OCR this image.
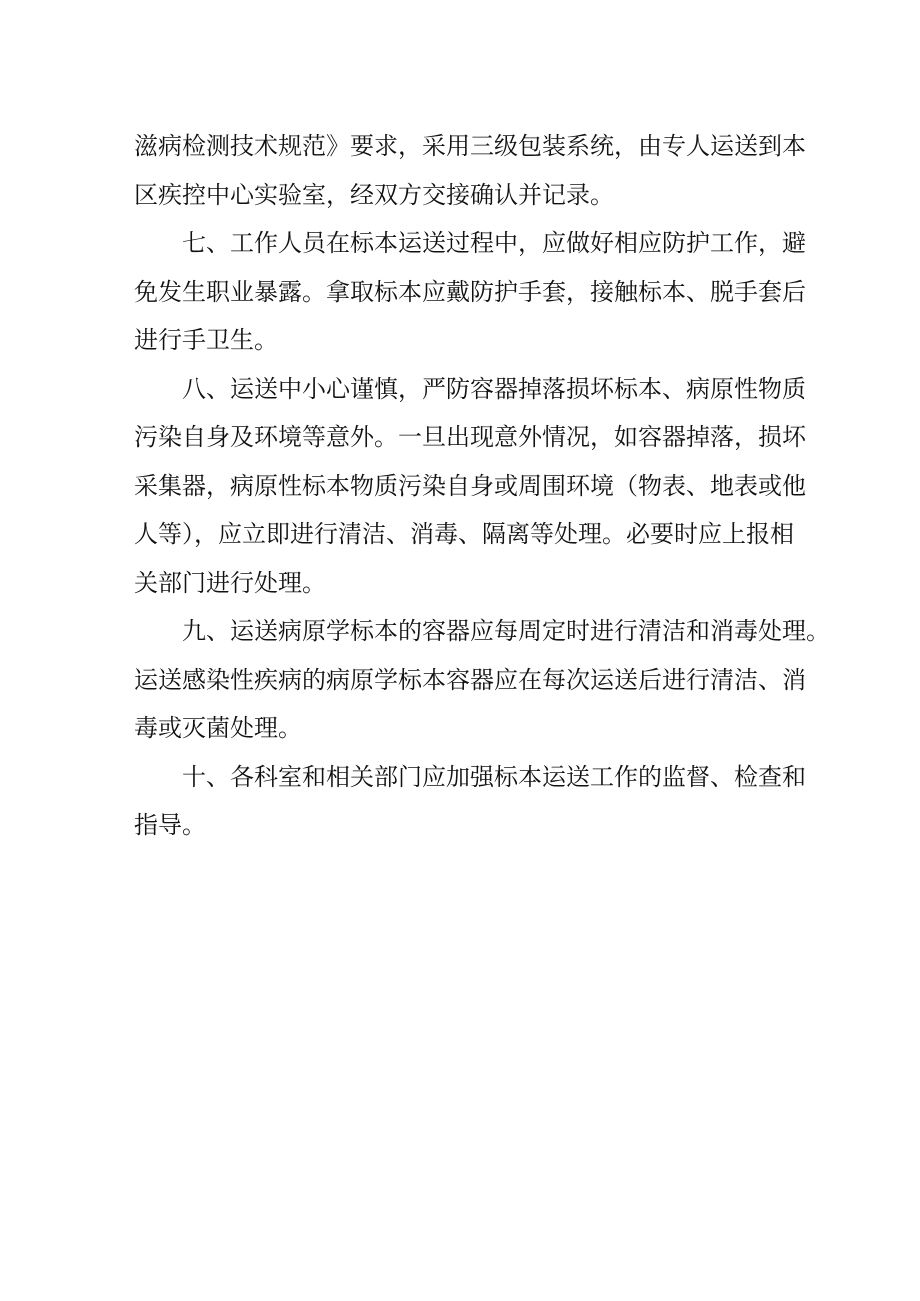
滋病检测技术规范》要求，采用三级包装系统，由专人运送到本
区疾控中心实验室，经双方交接确认并记录。

七、工作人员在标本运送过程中，应做好相应防护工作，避
免发生职业暴露。拿取标本应戴防护手套，接触标本、脱手套后
进行手卫生。

八、运送中小心谨慎，严防容器掉落损坏标本、病原性物质
污染自身及环境等意外。一旦出现意外情况，如容器掉落，损坏
采集器，病原性标本物质污染自身或周围环境（物表、地表或他
人等），应立即进行清洁、消毒、隔离等处理。必要时应上报相
关部门进行处理。

九、运送病原学标本的容器应每周定时进行清洁和消毒处理。
运送感染性疾病的病原学标本容器应在每次运送后进行清洁、消
毒或灭菌处理。

十、各科室和相关部门应加强标本运送工作的监督、检查和
指导。
